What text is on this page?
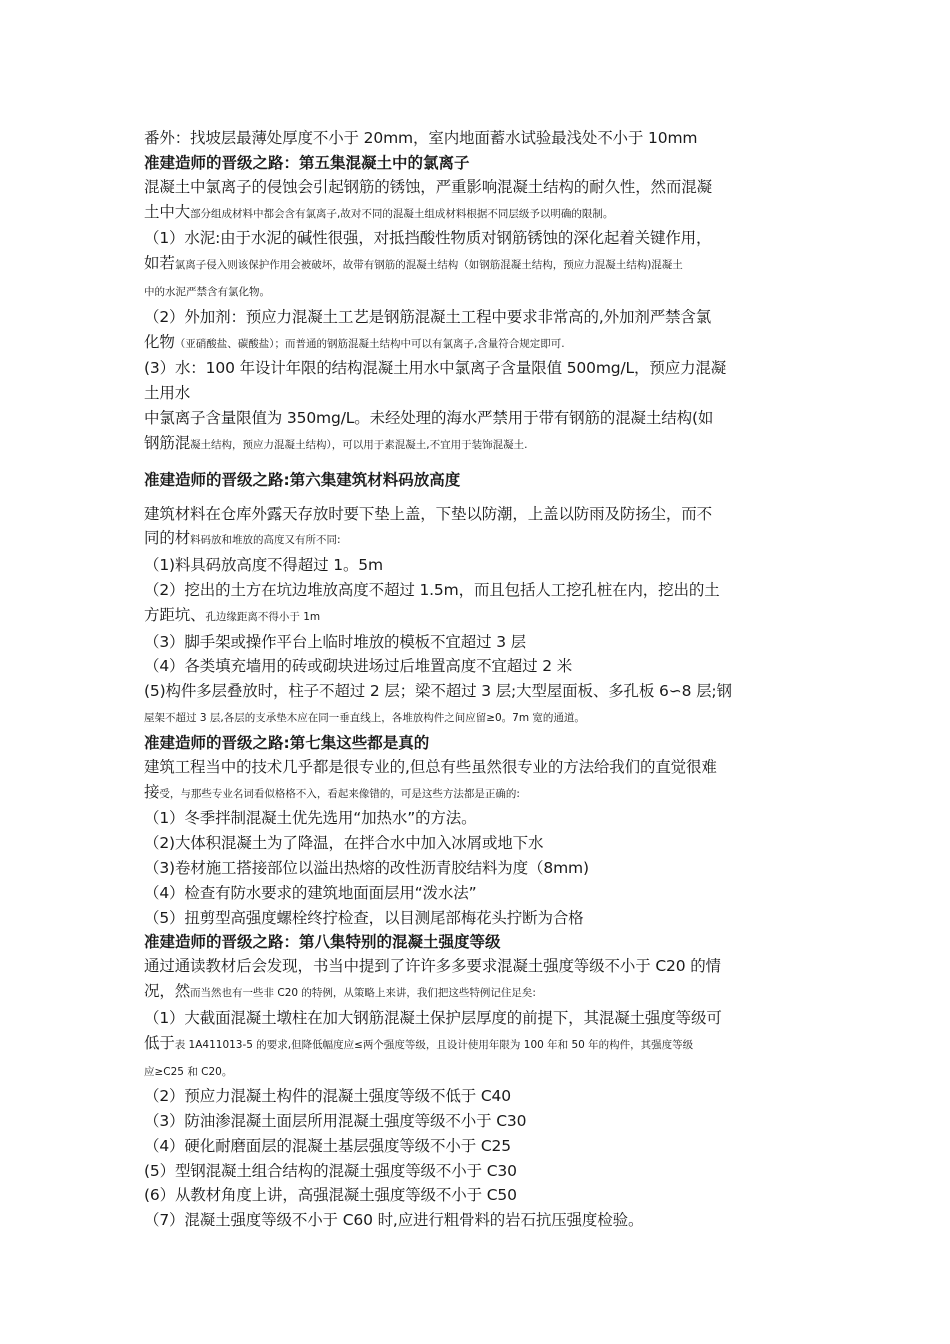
番外：找坡层最薄处厚度不小于 20mm，室内地面蓄水试验最浅处不小于 10mm
准建造师的晋级之路：第五集混凝土中的氯离子
混凝土中氯离子的侵蚀会引起钢筋的锈蚀，严重影响混凝土结构的耐久性，然而混凝
土中大部分组成材料中都会含有氯离子,故对不同的混凝土组成材料根据不同层级予以明确的限制。
（1）水泥:由于水泥的碱性很强，对抵挡酸性物质对钢筋锈蚀的深化起着关键作用，
如若氯离子侵入则该保护作用会被破坏，故带有钢筋的混凝土结构（如钢筋混凝土结构，预应力混凝土结构)混凝土
中的水泥严禁含有氯化物。
（2）外加剂：预应力混凝土工艺是钢筋混凝土工程中要求非常高的,外加剂严禁含氯
化物（亚硝酸盐、碳酸盐）；而普通的钢筋混凝土结构中可以有氯离子,含量符合规定即可.
(3）水：100 年设计年限的结构混凝土用水中氯离子含量限值 500mg/L，预应力混凝
土用水
中氯离子含量限值为 350mg/L。未经处理的海水严禁用于带有钢筋的混凝土结构(如
钢筋混凝土结构，预应力混凝土结构），可以用于素混凝土,不宜用于装饰混凝土.
准建造师的晋级之路:第六集建筑材料码放高度
建筑材料在仓库外露天存放时要下垫上盖，下垫以防潮，上盖以防雨及防扬尘，而不
同的材料码放和堆放的高度又有所不同:
（1)料具码放高度不得超过 1。5m
（2）挖出的土方在坑边堆放高度不超过 1.5m，而且包括人工挖孔桩在内，挖出的土
方距坑、孔边缘距离不得小于 1m
（3）脚手架或操作平台上临时堆放的模板不宜超过 3 层
（4）各类填充墙用的砖或砌块进场过后堆置高度不宜超过 2 米
(5)构件多层叠放时，柱子不超过 2 层；梁不超过 3 层;大型屋面板、多孔板 6∽8 层;钢
屋架不超过 3 层,各层的支承垫木应在同一垂直线上，各堆放构件之间应留≥0。7m 宽的通道。
准建造师的晋级之路:第七集这些都是真的
建筑工程当中的技术几乎都是很专业的,但总有些虽然很专业的方法给我们的直觉很难
接受，与那些专业名词看似格格不入，看起来像错的，可是这些方法都是正确的:
（1）冬季拌制混凝土优先选用“加热水”的方法。
（2)大体积混凝土为了降温，在拌合水中加入冰屑或地下水
（3)卷材施工搭接部位以溢出热熔的改性沥青胶结料为度（8mm)
（4）检查有防水要求的建筑地面面层用“泼水法”
（5）扭剪型高强度螺栓终拧检查，以目测尾部梅花头拧断为合格
准建造师的晋级之路：第八集特别的混凝土强度等级
通过通读教材后会发现，书当中提到了许许多多要求混凝土强度等级不小于 C20 的情
况，然而当然也有一些非 C20 的特例，从策略上来讲，我们把这些特例记住足矣:
（1）大截面混凝土墩柱在加大钢筋混凝土保护层厚度的前提下，其混凝土强度等级可
低于表 1A411013-5 的要求,但降低幅度应≤两个强度等级，且设计使用年限为 100 年和 50 年的构件，其强度等级
应≥C25 和 C20。
（2）预应力混凝土构件的混凝土强度等级不低于 C40
（3）防油渗混凝土面层所用混凝土强度等级不小于 C30
（4）硬化耐磨面层的混凝土基层强度等级不小于 C25
(5）型钢混凝土组合结构的混凝土强度等级不小于 C30
(6）从教材角度上讲，高强混凝土强度等级不小于 C50
（7）混凝土强度等级不小于 C60 时,应进行粗骨料的岩石抗压强度检验。
